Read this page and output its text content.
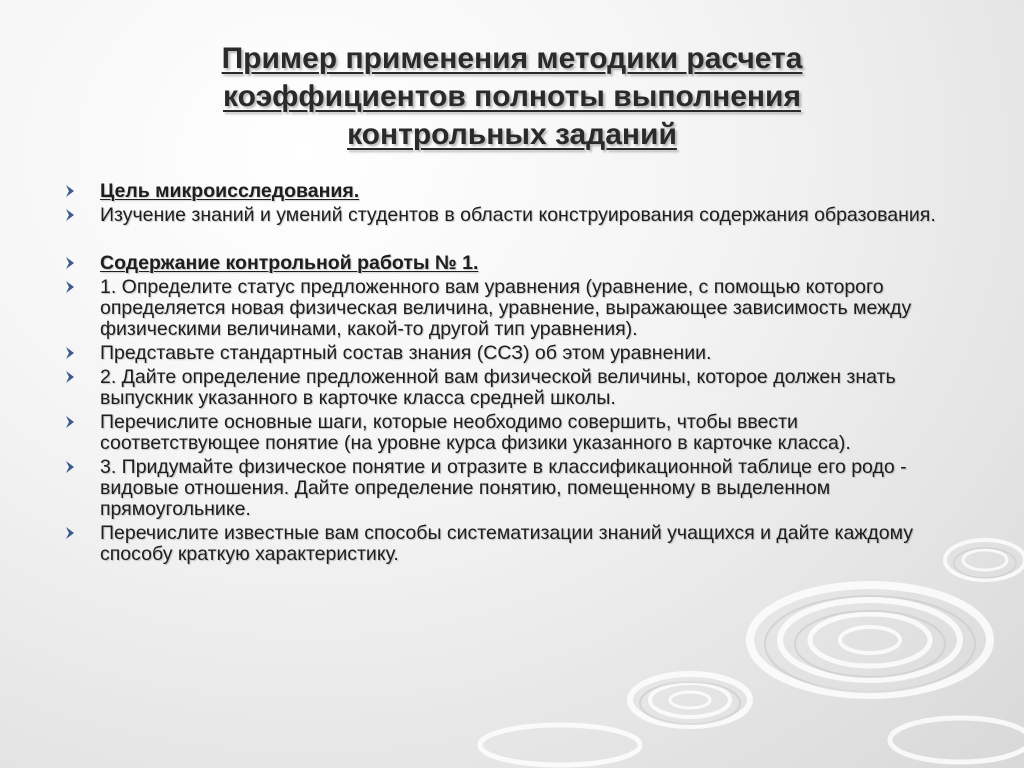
Пример применения методики расчета коэффициентов полноты выполнения контрольных заданий
Цель микроисследования.
Изучение знаний и умений студентов в области конструирования содержания образования.
Содержание контрольной работы № 1.
1. Определите статус предложенного вам уравнения (уравнение, с помощью которого определяется новая физическая величина, уравнение, выражающее зависимость между физическими величинами, какой-то другой тип уравнения).
Представьте стандартный состав знания (ССЗ) об этом уравнении.
2. Дайте определение предложенной вам физической величины, которое должен знать выпускник указанного в карточке класса средней школы.
Перечислите основные шаги, которые необходимо совершить, чтобы ввести соответствующее понятие (на уровне курса физики указанного в карточке класса).
3. Придумайте физическое понятие и отразите в классификационной таблице его родо - видовые отношения. Дайте определение понятию, помещенному в выделенном прямоугольнике.
Перечислите известные вам способы систематизации знаний учащихся и дайте каждому способу краткую характеристику.
